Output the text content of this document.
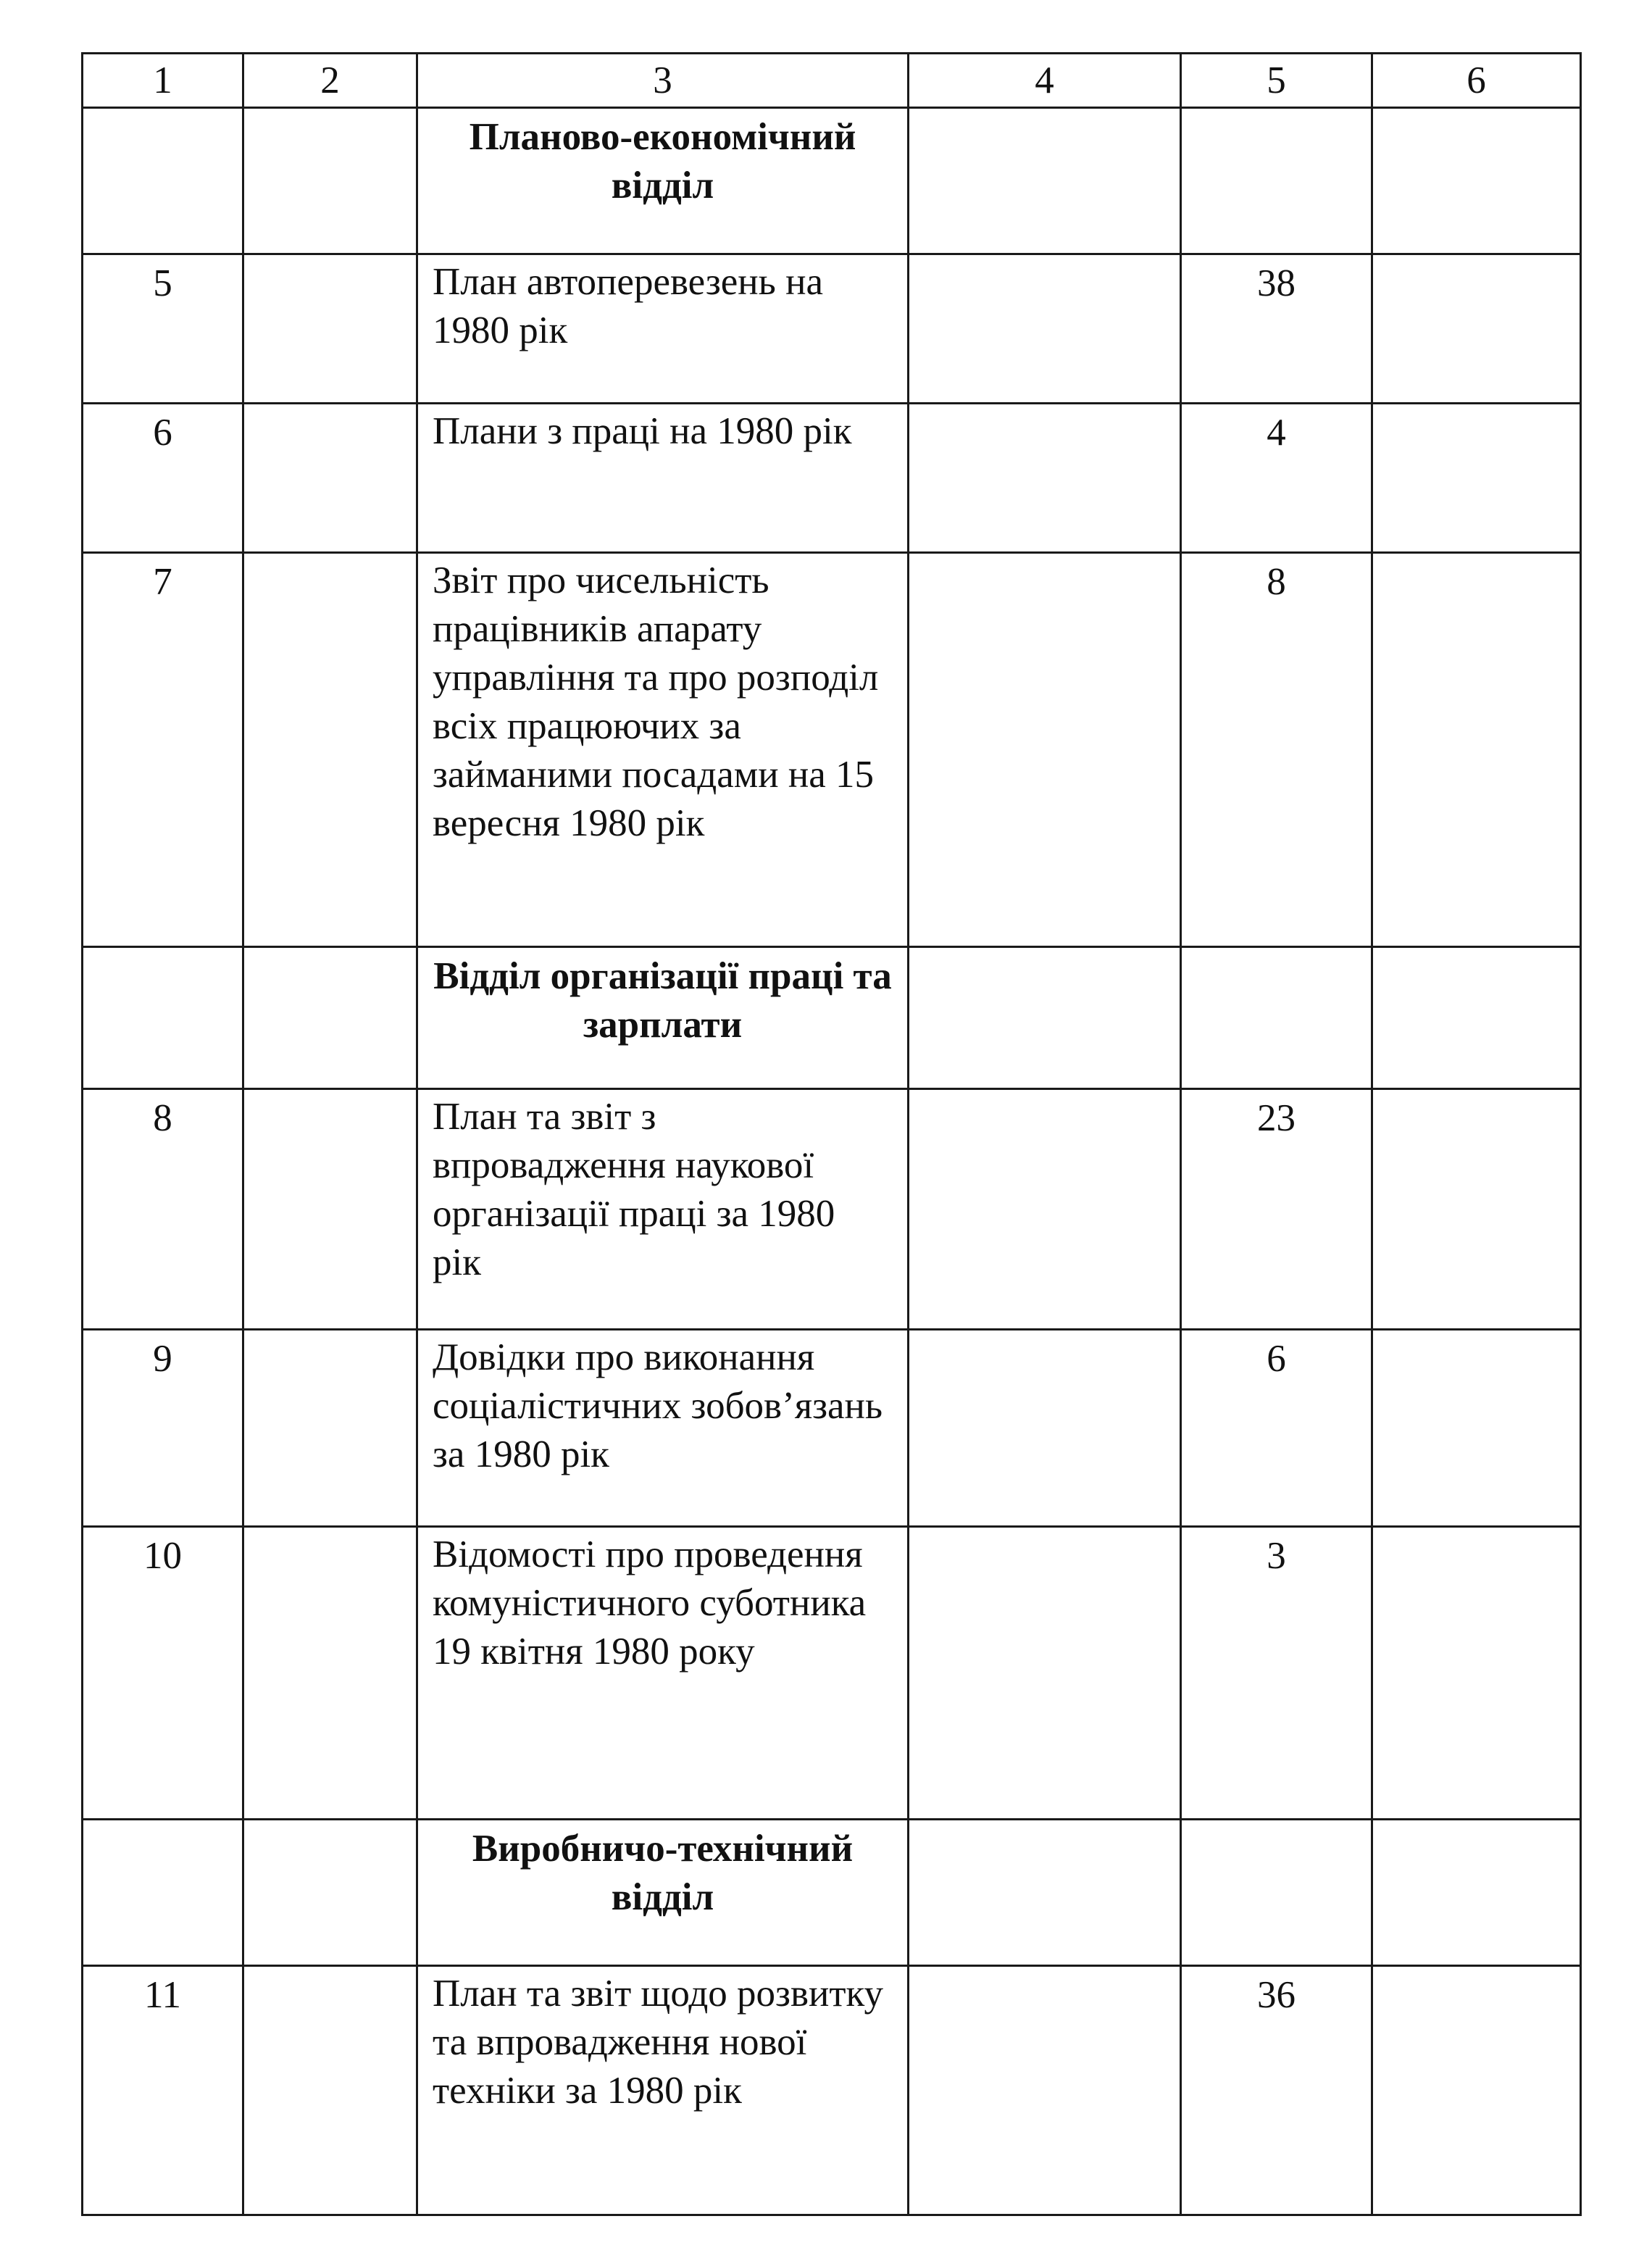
1	2	3	4	5	6
		Планово-економічний відділ			
5		План автоперевезень на 1980 рік		38	
6		Плани з праці на 1980 рік		4	
7		Звіт про чисельність працівників апарату управління та про розподіл всіх працюючих за займаними посадами на 15 вересня 1980 рік		8	
		Відділ організації праці та зарплати			
8		План та звіт з впровадження наукової організації праці за 1980 рік		23	
9		Довідки про виконання соціалістичних зобов’язань за 1980 рік		6	
10		Відомості про проведення комуністичного суботника 19 квітня 1980 року		3	
		Виробничо-технічний відділ			
11		План та звіт щодо розвитку та впровадження нової техніки за 1980 рік		36	
